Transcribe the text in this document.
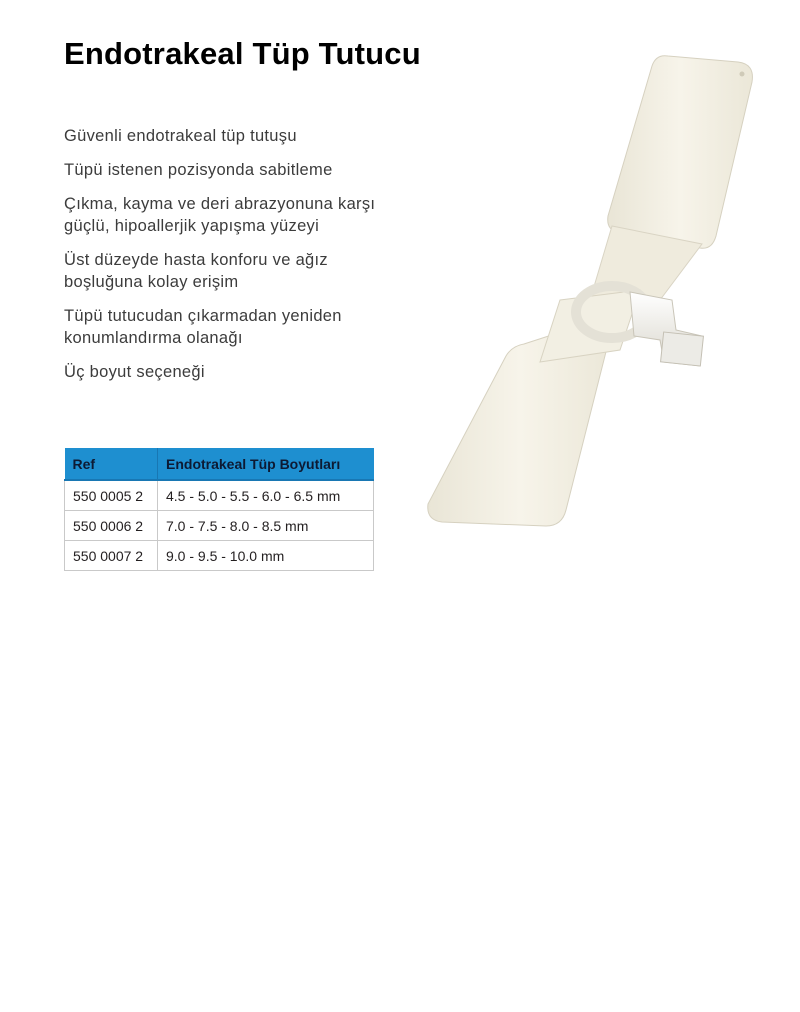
Endotrakeal Tüp Tutucu
Güvenli endotrakeal tüp tutuşu
Tüpü istenen pozisyonda sabitleme
Çıkma, kayma ve deri abrazyonuna karşı güçlü, hipoallerjik yapışma yüzeyi
Üst düzeyde hasta konforu ve ağız boşluğuna kolay erişim
Tüpü tutucudan çıkarmadan yeniden konumlandırma olanağı
Üç boyut seçeneği
Ref	Endotrakeal Tüp Boyutları
550 0005 2	4.5 - 5.0 - 5.5 - 6.0 - 6.5 mm
550 0006 2	7.0 - 7.5 - 8.0 - 8.5 mm
550 0007 2	9.0 - 9.5 - 10.0 mm
